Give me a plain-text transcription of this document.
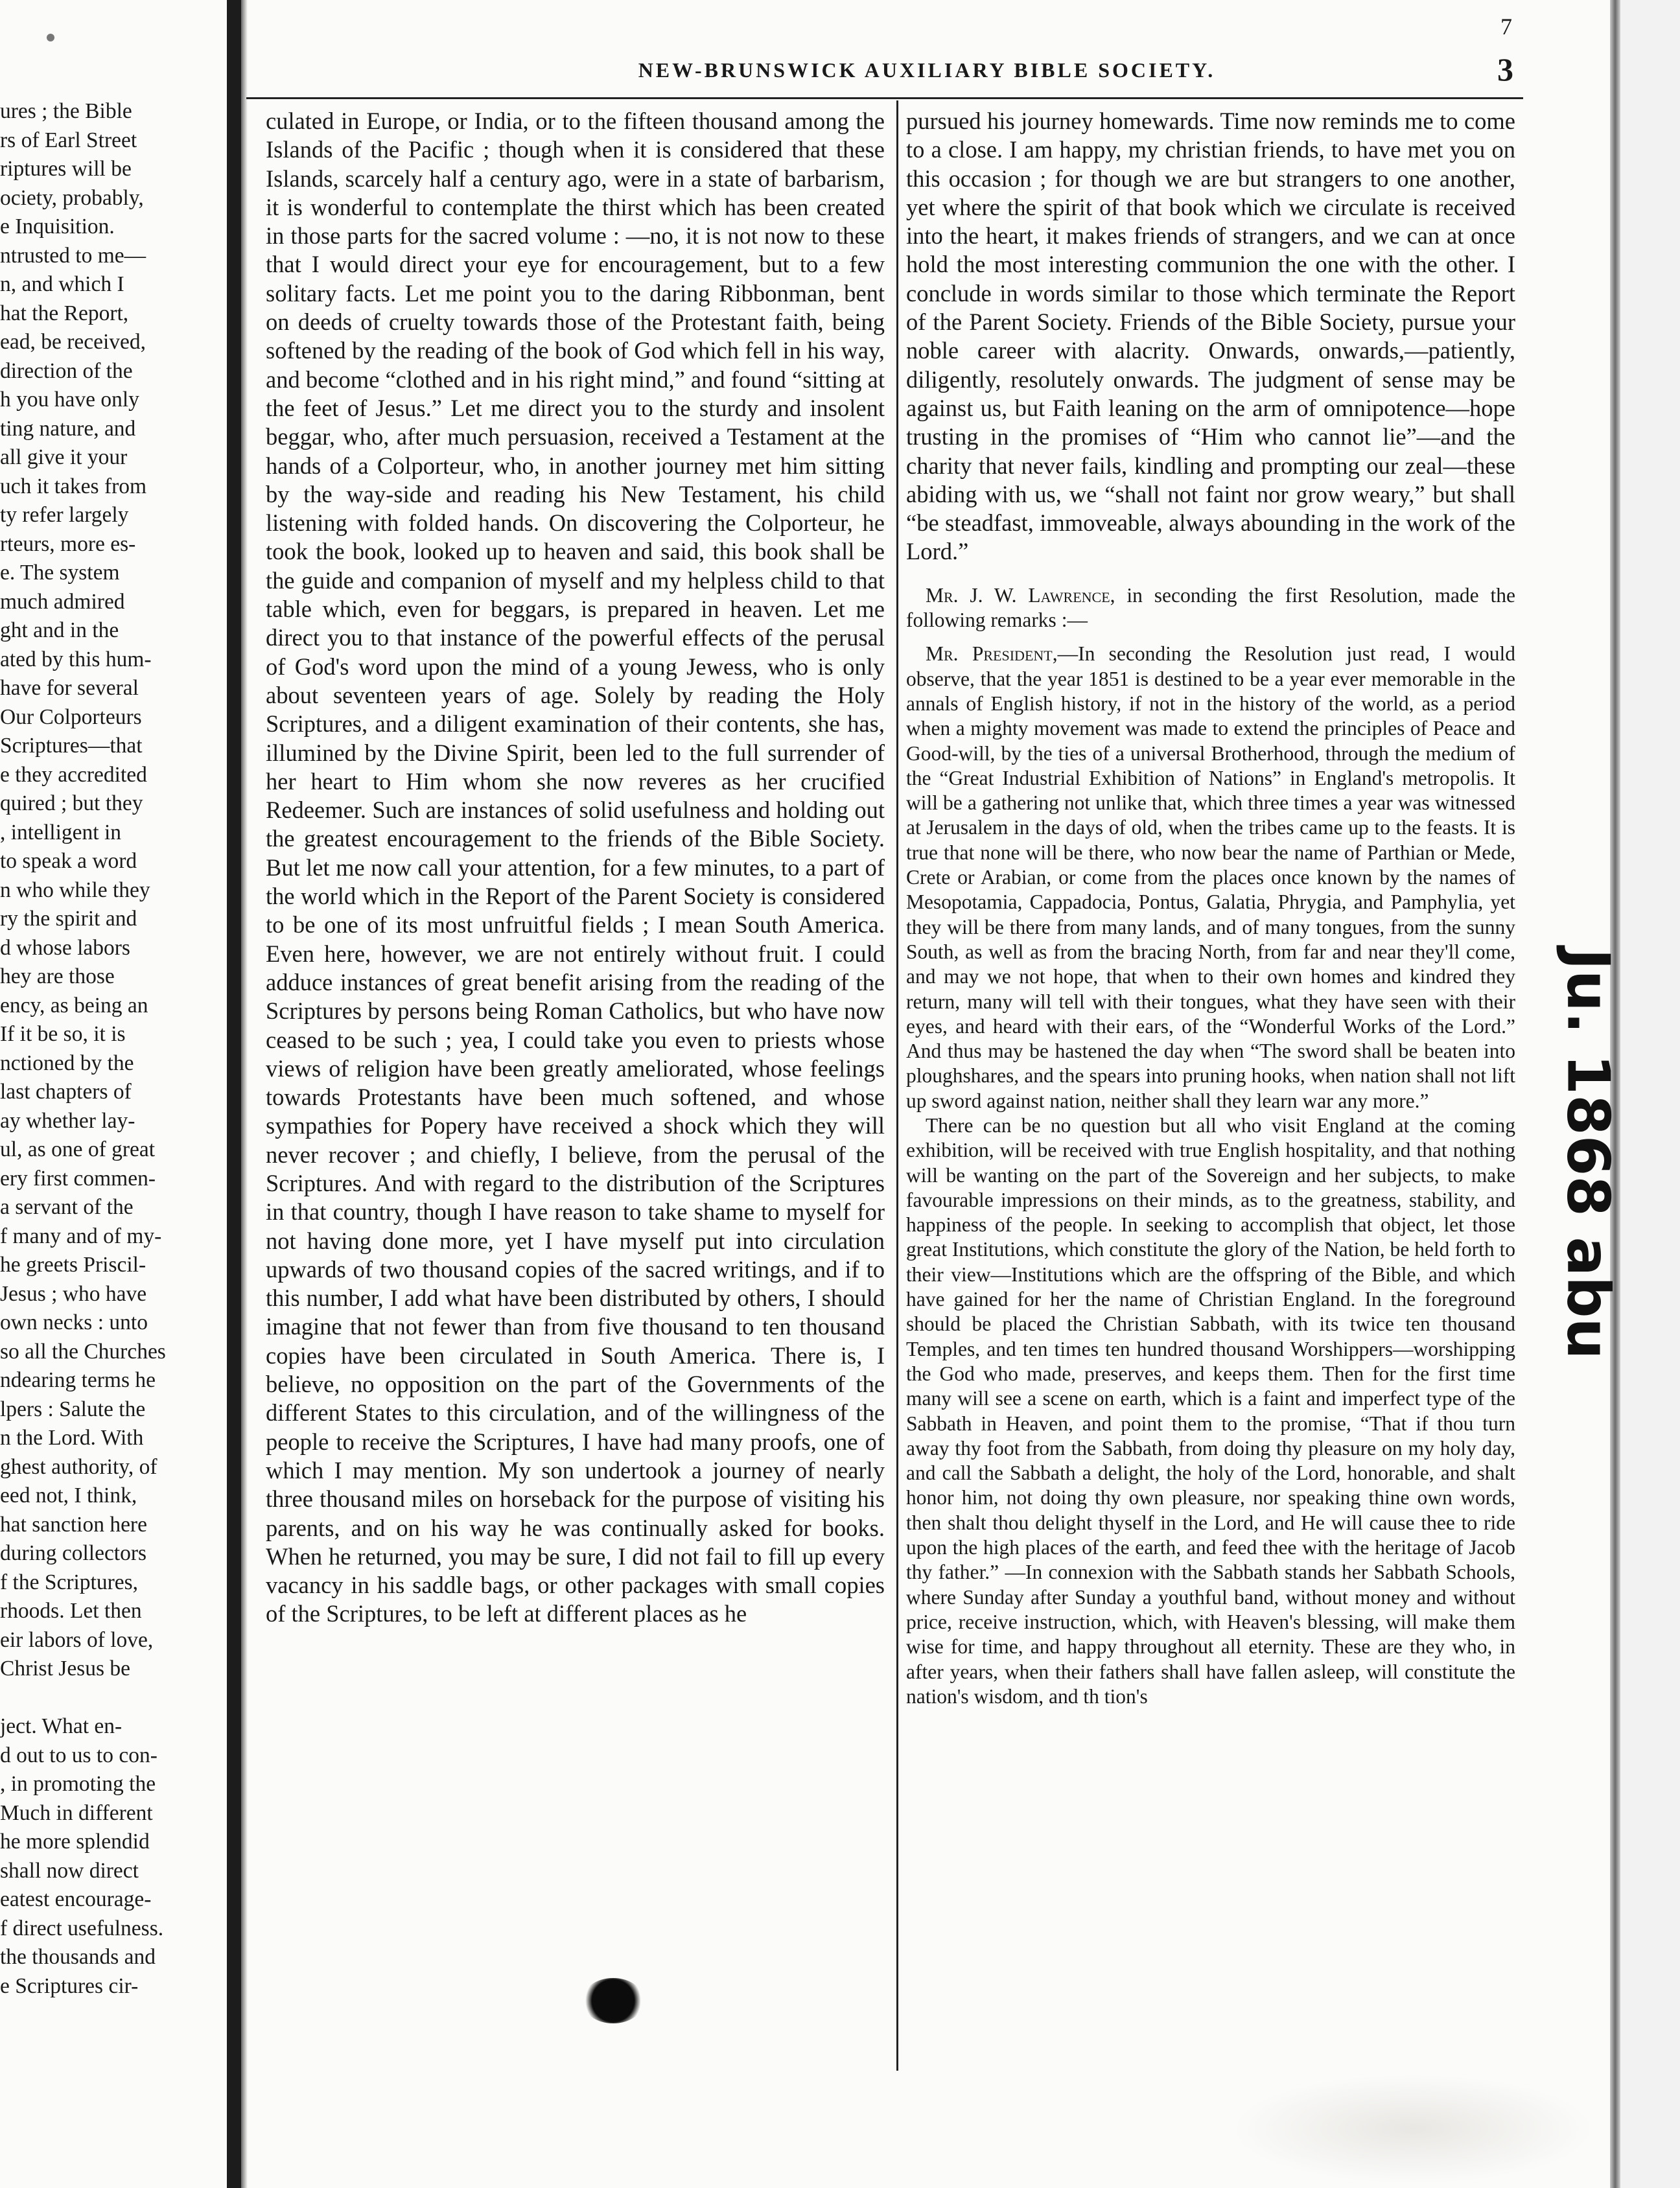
NEW-BRUNSWICK AUXILIARY BIBLE SOCIETY.	3
7

ures ; the Bible

rs of Earl Street

riptures will be

ociety, probably,

e Inquisition.

ntrusted to me—

n, and which I

hat the Report,

ead, be received,

direction of the

h you have only

ting nature, and

all give it your

uch it takes from

ty refer largely

rteurs, more es-

e. The system

much admired

ght and in the

ated by this hum-

have for several

Our Colporteurs

Scriptures—that

e they accredited

quired ; but they

, intelligent in

to speak a word

n who while they

ry the spirit and

d whose labors

hey are those

ency, as being an

If it be so, it is

nctioned by the

last chapters of

ay whether lay-

ul, as one of great

ery first commen-

a servant of the

f many and of my-

he greets Priscil-

Jesus ; who have

own necks : unto

so all the Churches

ndearing terms he

lpers : Salute the

n the Lord. With

ghest authority, of

eed not, I think,

hat sanction here

during collectors

f the Scriptures,

rhoods. Let then

eir labors of love,

Christ Jesus be

ject. What en-

d out to us to con-

, in promoting the

Much in different

he more splendid

shall now direct

eatest encourage-

f direct usefulness.

the thousands and

e Scriptures cir-

culated in Europe, or India, or to the fifteen thousand among the Islands of the Pacific ; though when it is considered that these Islands, scarcely half a century ago, were in a state of barbarism, it is wonderful to contemplate the thirst which has been created in those parts for the sacred volume : —no, it is not now to these that I would direct your eye for encouragement, but to a few solitary facts. Let me point you to the daring Ribbonman, bent on deeds of cruelty towards those of the Protestant faith, being softened by the reading of the book of God which fell in his way, and become “clothed and in his right mind,” and found “sitting at the feet of Jesus.” Let me direct you to the sturdy and insolent beggar, who, after much persuasion, received a Testament at the hands of a Colporteur, who, in another journey met him sitting by the way-side and reading his New Testament, his child listening with folded hands. On discovering the Colporteur, he took the book, looked up to heaven and said, this book shall be the guide and companion of myself and my helpless child to that table which, even for beggars, is prepared in heaven. Let me direct you to that instance of the powerful effects of the perusal of God's word upon the mind of a young Jewess, who is only about seventeen years of age. Solely by reading the Holy Scriptures, and a diligent examination of their contents, she has, illumined by the Divine Spirit, been led to the full surrender of her heart to Him whom she now reveres as her crucified Redeemer. Such are instances of solid usefulness and holding out the greatest encouragement to the friends of the Bible Society. But let me now call your attention, for a few minutes, to a part of the world which in the Report of the Parent Society is considered to be one of its most unfruitful fields ; I mean South America. Even here, however, we are not entirely without fruit. I could adduce instances of great benefit arising from the reading of the Scriptures by persons being Roman Catholics, but who have now ceased to be such ; yea, I could take you even to priests whose views of religion have been greatly ameliorated, whose feelings towards Protestants have been much softened, and whose sympathies for Popery have received a shock which they will never recover ; and chiefly, I believe, from the perusal of the Scriptures. And with regard to the distribution of the Scriptures in that country, though I have reason to take shame to myself for not having done more, yet I have myself put into circulation upwards of two thousand copies of the sacred writings, and if to this number, I add what have been distributed by others, I should imagine that not fewer than from five thousand to ten thousand copies have been circulated in South America. There is, I believe, no opposition on the part of the Governments of the different States to this circulation, and of the willingness of the people to receive the Scriptures, I have had many proofs, one of which I may mention. My son undertook a journey of nearly three thousand miles on horseback for the purpose of visiting his parents, and on his way he was continually asked for books. When he returned, you may be sure, I did not fail to fill up every vacancy in his saddle bags, or other packages with small copies of the Scriptures, to be left at different places as he

pursued his journey homewards. Time now reminds me to come to a close. I am happy, my christian friends, to have met you on this occasion ; for though we are but strangers to one another, yet where the spirit of that book which we circulate is received into the heart, it makes friends of strangers, and we can at once hold the most interesting communion the one with the other. I conclude in words similar to those which terminate the Report of the Parent Society. Friends of the Bible Society, pursue your noble career with alacrity. Onwards, onwards,—patiently, diligently, resolutely onwards. The judgment of sense may be against us, but Faith leaning on the arm of omnipotence—hope trusting in the promises of “Him who cannot lie”—and the charity that never fails, kindling and prompting our zeal—these abiding with us, we “shall not faint nor grow weary,” but shall “be steadfast, immoveable, always abounding in the work of the Lord.”

Mr. J. W. Lawrence, in seconding the first Resolution, made the following remarks :—

Mr. President,—In seconding the Resolution just read, I would observe, that the year 1851 is destined to be a year ever memorable in the annals of English history, if not in the history of the world, as a period when a mighty movement was made to extend the principles of Peace and Good-will, by the ties of a universal Brotherhood, through the medium of the “Great Industrial Exhibition of Nations” in England's metropolis. It will be a gathering not unlike that, which three times a year was witnessed at Jerusalem in the days of old, when the tribes came up to the feasts. It is true that none will be there, who now bear the name of Parthian or Mede, Crete or Arabian, or come from the places once known by the names of Mesopotamia, Cappadocia, Pontus, Galatia, Phrygia, and Pamphylia, yet they will be there from many lands, and of many tongues, from the sunny South, as well as from the bracing North, from far and near they'll come, and may we not hope, that when to their own homes and kindred they return, many will tell with their tongues, what they have seen with their eyes, and heard with their ears, of the “Wonderful Works of the Lord.” And thus may be hastened the day when “The sword shall be beaten into ploughshares, and the spears into pruning hooks, when nation shall not lift up sword against nation, neither shall they learn war any more.”

There can be no question but all who visit England at the coming exhibition, will be received with true English hospitality, and that nothing will be wanting on the part of the Sovereign and her subjects, to make favourable impressions on their minds, as to the greatness, stability, and happiness of the people. In seeking to accomplish that object, let those great Institutions, which constitute the glory of the Nation, be held forth to their view—Institutions which are the offspring of the Bible, and which have gained for her the name of Christian England. In the foreground should be placed the Christian Sabbath, with its twice ten thousand Temples, and ten times ten hundred thousand Worshippers—worshipping the God who made, preserves, and keeps them. Then for the first time many will see a scene on earth, which is a faint and imperfect type of the Sabbath in Heaven, and point them to the promise, “That if thou turn away thy foot from the Sabbath, from doing thy pleasure on my holy day, and call the Sabbath a delight, the holy of the Lord, honorable, and shalt honor him, not doing thy own pleasure, nor speaking thine own words, then shalt thou delight thyself in the Lord, and He will cause thee to ride upon the high places of the earth, and feed thee with the heritage of Jacob thy father.” —In connexion with the Sabbath stands her Sabbath Schools, where Sunday after Sunday a youthful band, without money and without price, receive instruction, which, with Heaven's blessing, will make them wise for time, and happy throughout all eternity. These are they who, in after years, when their fathers shall have fallen asleep, will constitute the nation's wisdom, and th tion's

Ju. 1868 abu
